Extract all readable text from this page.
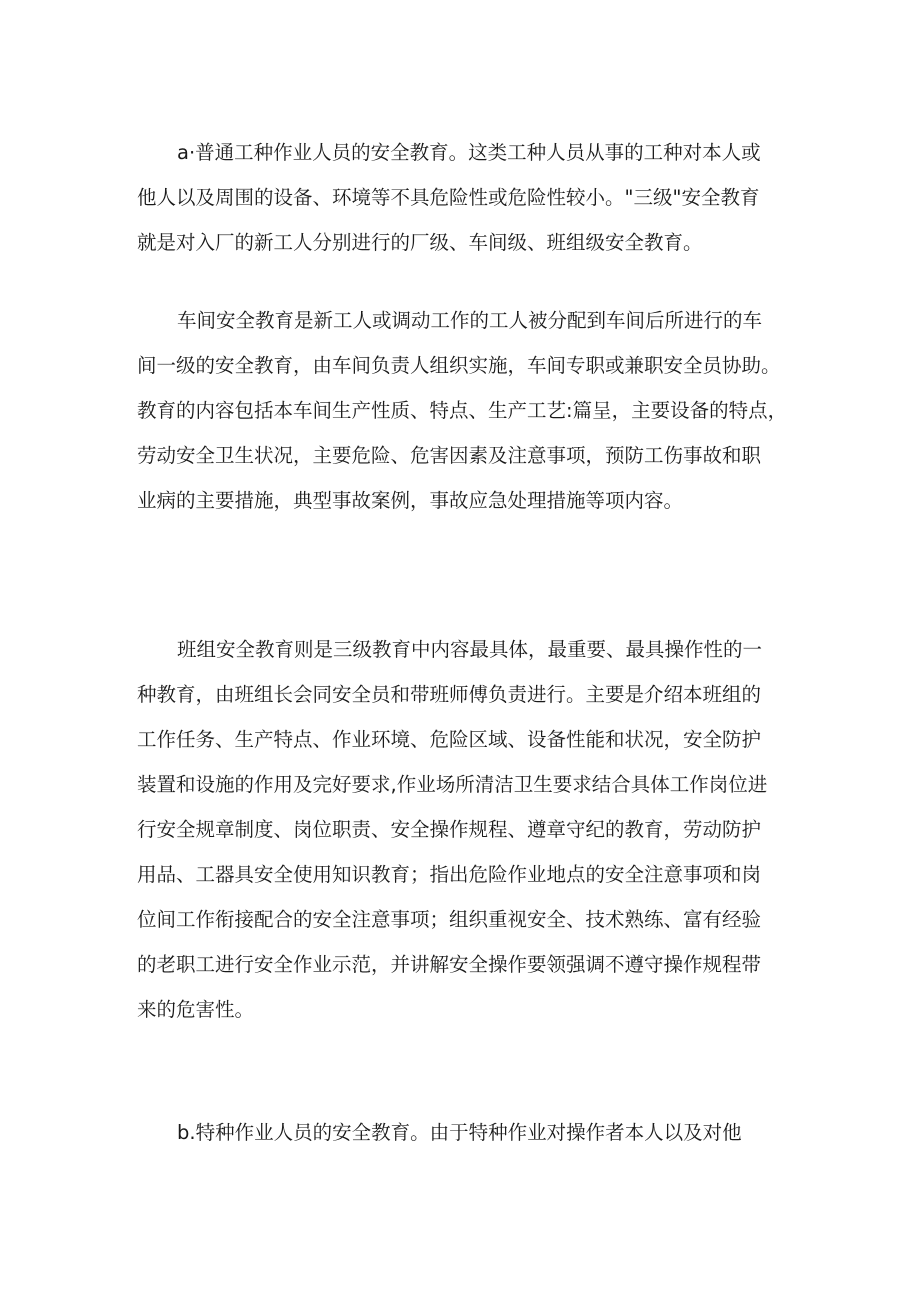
a·普通工种作业人员的安全教育。这类工种人员从事的工种对本人或
他人以及周围的设备、环境等不具危险性或危险性较小。"三级"安全教育
就是对入厂的新工人分别进行的厂级、车间级、班组级安全教育。
车间安全教育是新工人或调动工作的工人被分配到车间后所进行的车
间一级的安全教育，由车间负责人组织实施，车间专职或兼职安全员协助。
教育的内容包括本车间生产性质、特点、生产工艺:篇呈，主要设备的特点，
劳动安全卫生状况，主要危险、危害因素及注意事项，预防工伤事故和职
业病的主要措施，典型事故案例，事故应急处理措施等项内容。
班组安全教育则是三级教育中内容最具体，最重要、最具操作性的一
种教育，由班组长会同安全员和带班师傅负责进行。主要是介绍本班组的
工作任务、生产特点、作业环境、危险区域、设备性能和状况，安全防护
装置和设施的作用及完好要求,作业场所清洁卫生要求结合具体工作岗位进
行安全规章制度、岗位职责、安全操作规程、遵章守纪的教育，劳动防护
用品、工器具安全使用知识教育；指出危险作业地点的安全注意事项和岗
位间工作衔接配合的安全注意事项；组织重视安全、技术熟练、富有经验
的老职工进行安全作业示范，并讲解安全操作要领强调不遵守操作规程带
来的危害性。
b.特种作业人员的安全教育。由于特种作业对操作者本人以及对他
